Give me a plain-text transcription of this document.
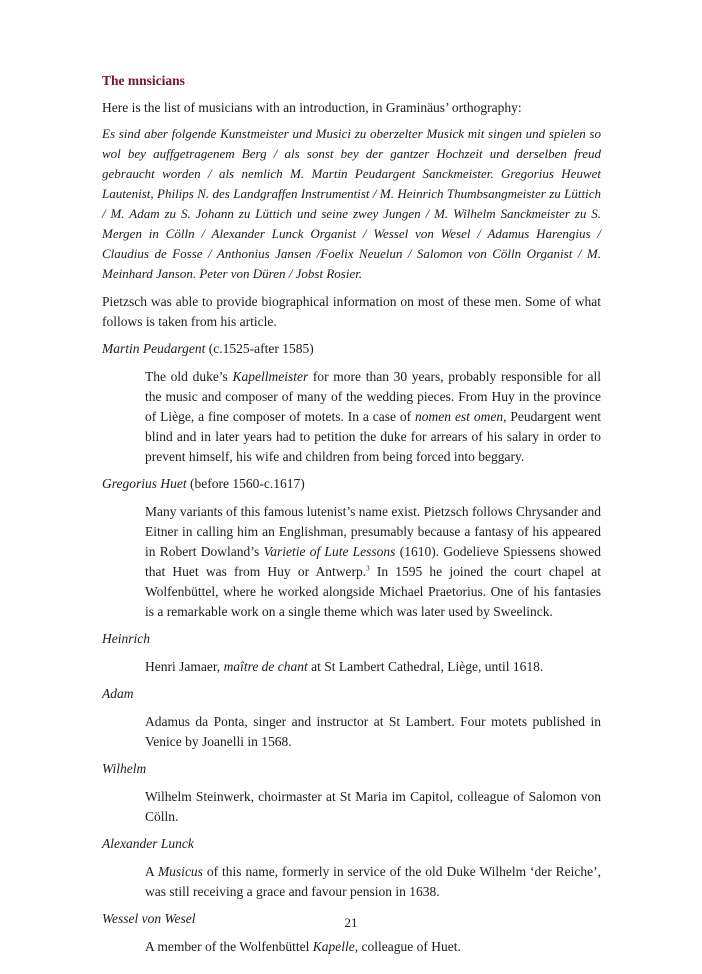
The mnsicians

Here is the list of musicians with an introduction, in Graminäus’ orthography:

Es sind aber folgende Kunstmeister und Musici zu oberzelter Musick mit singen und spielen so wol bey auffgetragenem Berg / als sonst bey der gantzer Hochzeit und derselben freud gebraucht worden / als nemlich M. Martin Peudargent Sanckmeister. Gregorius Heuwet Lautenist, Philips N. des Landgraffen Instrumentist / M. Heinrich Thumbsangmeister zu Lüttich / M. Adam zu S. Johann zu Lüttich und seine zwey Jungen / M. Wilhelm Sanckmeister zu S. Mergen in Cölln / Alexander Lunck Organist / Wessel von Wesel / Adamus Harengius / Claudius de Fosse / Anthonius Jansen /Foelix Neuelun / Salomon von Cölln Organist / M. Meinhard Janson. Peter von Düren / Jobst Rosier.

Pietzsch was able to provide biographical information on most of these men. Some of what follows is taken from his article.

Martin Peudargent (c.1525-after 1585)

The old duke’s Kapellmeister for more than 30 years, probably responsible for all the music and composer of many of the wedding pieces. From Huy in the province of Liège, a fine composer of motets. In a case of nomen est omen, Peudargent went blind and in later years had to petition the duke for arrears of his salary in order to prevent himself, his wife and children from being forced into beggary.

Gregorius Huet (before 1560-c.1617)

Many variants of this famous lutenist’s name exist. Pietzsch follows Chrysander and Eitner in calling him an Englishman, presumably because a fantasy of his appeared in Robert Dowland’s Varietie of Lute Lessons (1610). Godelieve Spiessens showed that Huet was from Huy or Antwerp.$^3$ In 1595 he joined the court chapel at Wolfenbüttel, where he worked alongside Michael Praetorius. One of his fantasies is a remarkable work on a single theme which was later used by Sweelinck.

Heinrich

Henri Jamaer, maître de chant at St Lambert Cathedral, Liège, until 1618.

Adam

Adamus da Ponta, singer and instructor at St Lambert. Four motets published in Venice by Joanelli in 1568.

Wilhelm

Wilhelm Steinwerk, choirmaster at St Maria im Capitol, colleague of Salomon von Cölln.

Alexander Lunck

A Musicus of this name, formerly in service of the old Duke Wilhelm ‘der Reiche’, was still receiving a grace and favour pension in 1638.

Wessel von Wesel

A member of the Wolfenbüttel Kapelle, colleague of Huet.

21
